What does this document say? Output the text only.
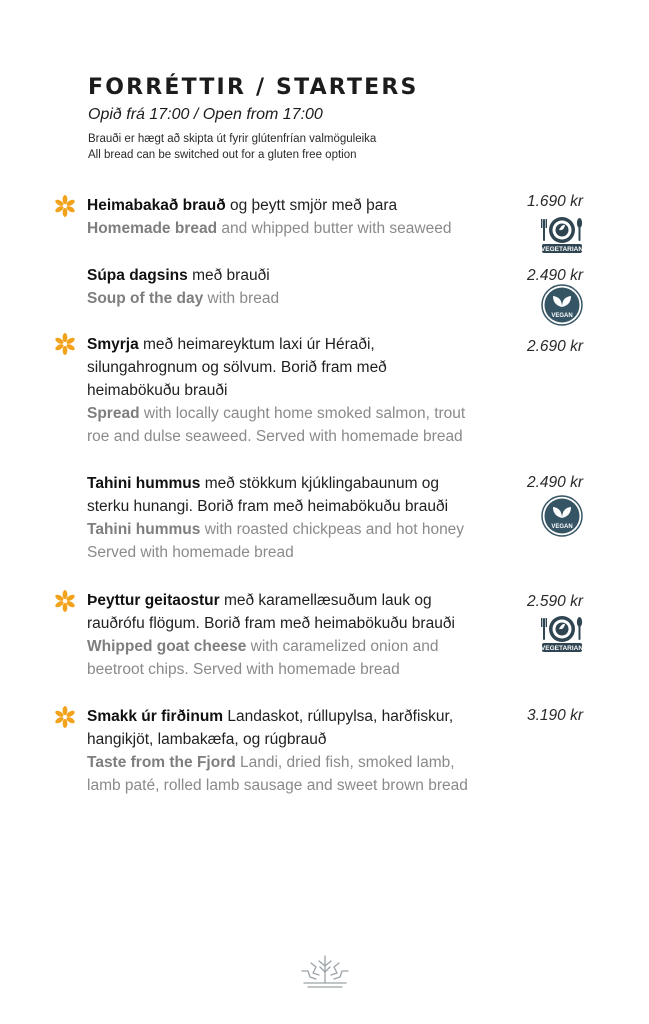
FORRÉTTIR / STARTERS
Opið frá 17:00 / Open from 17:00
Brauði er hægt að skipta út fyrir glútenfrían valmöguleika
All bread can be switched out for a gluten free option
Heimabakað brauð og þeytt smjör með þara
Homemade bread and whipped butter with seaweed
1.690 kr
VEGETARIAN
Súpa dagsins með brauði
Soup of the day with bread
2.490 kr
VEGAN
Smyrja með heimareyktum laxi úr Héraði, silungahrognum og sölvum. Borið fram með heimabökuðu brauði
Spread with locally caught home smoked salmon, trout roe and dulse seaweed. Served with homemade bread
2.690 kr
Tahini hummus með stökkum kjúklingabaunum og sterku hunangi. Borið fram með heimabökuðu brauði
Tahini hummus with roasted chickpeas and hot honey Served with homemade bread
2.490 kr
VEGAN
Þeyttur geitaostur með karamellæsuðum lauk og rauðrófu flögum. Borið fram með heimabökuðu brauði
Whipped goat cheese with caramelized onion and beetroot chips. Served with homemade bread
2.590 kr
VEGETARIAN
Smakk úr firðinum Landaskot, rúllupylsa, harðfiskur, hangikjöt, lambakæfa, og rúgbrauð
Taste from the Fjord Landi, dried fish, smoked lamb, lamb paté, rolled lamb sausage and sweet brown bread
3.190 kr
